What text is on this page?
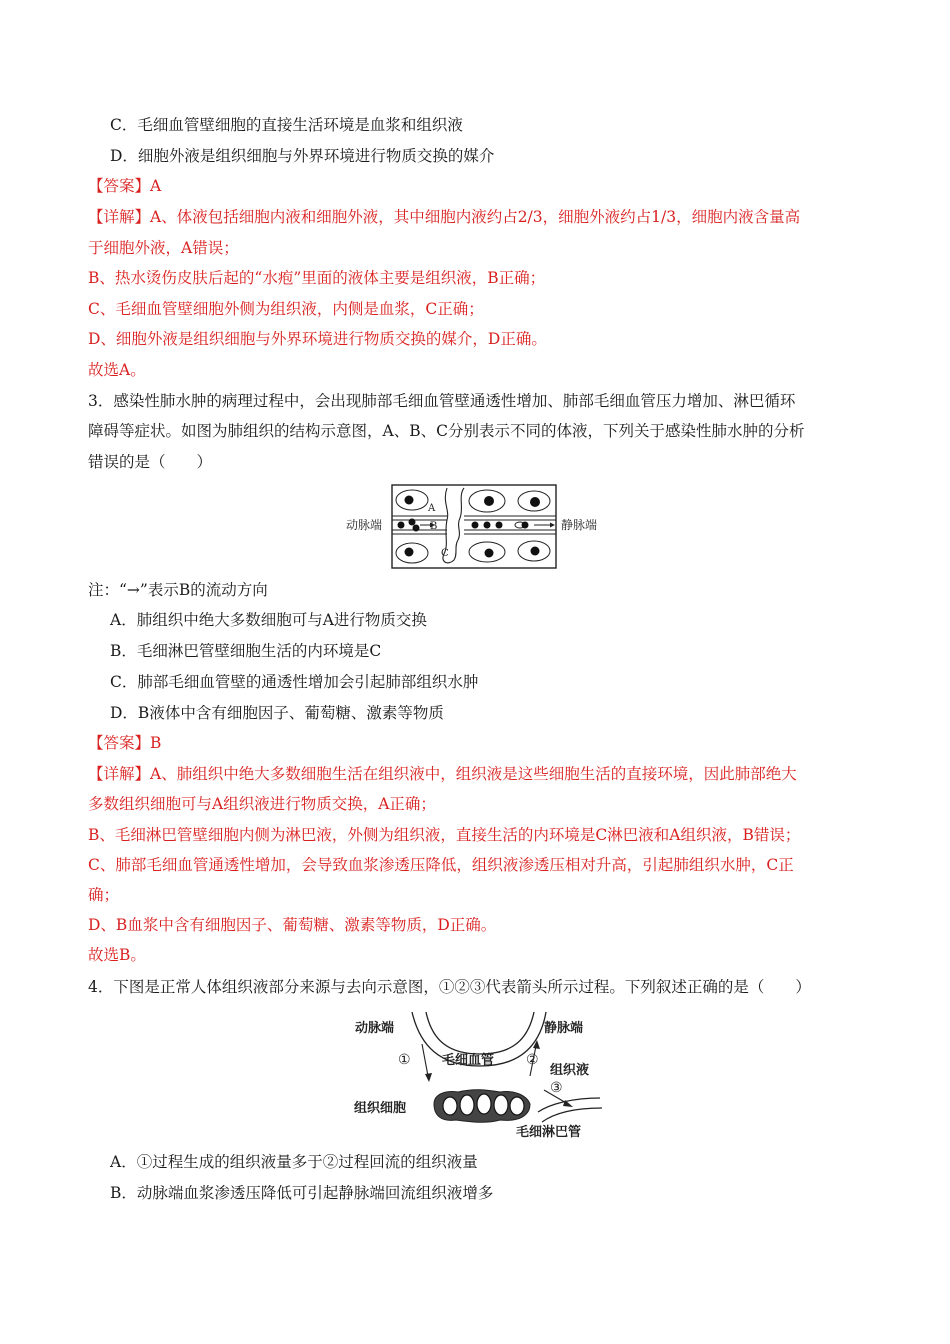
C．毛细血管壁细胞的直接生活环境是血浆和组织液
D．细胞外液是组织细胞与外界环境进行物质交换的媒介
【答案】A
【详解】A、体液包括细胞内液和细胞外液，其中细胞内液约占2/3，细胞外液约占1/3，细胞内液含量高
于细胞外液，A错误；
B、热水烫伤皮肤后起的“水疱”里面的液体主要是组织液，B正确；
C、毛细血管壁细胞外侧为组织液，内侧是血浆，C正确；
D、细胞外液是组织细胞与外界环境进行物质交换的媒介，D正确。
故选A。
3．感染性肺水肿的病理过程中，会出现肺部毛细血管壁通透性增加、肺部毛细血管压力增加、淋巴循环
障碍等症状。如图为肺组织的结构示意图，A、B、C分别表示不同的体液，下列关于感染性肺水肿的分析
错误的是（　　）
动脉端	静脉端
A
B
C
注：“→”表示B的流动方向
A．肺组织中绝大多数细胞可与A进行物质交换
B．毛细淋巴管壁细胞生活的内环境是C
C．肺部毛细血管壁的通透性增加会引起肺部组织水肿
D．B液体中含有细胞因子、葡萄糖、激素等物质
【答案】B
【详解】A、肺组织中绝大多数细胞生活在组织液中，组织液是这些细胞生活的直接环境，因此肺部绝大
多数组织细胞可与A组织液进行物质交换，A正确；
B、毛细淋巴管壁细胞内侧为淋巴液，外侧为组织液，直接生活的内环境是C淋巴液和A组织液，B错误；
C、肺部毛细血管通透性增加，会导致血浆渗透压降低，组织液渗透压相对升高，引起肺组织水肿，C正
确；
D、B血浆中含有细胞因子、葡萄糖、激素等物质，D正确。
故选B。
4．下图是正常人体组织液部分来源与去向示意图，①②③代表箭头所示过程。下列叙述正确的是（　　）
动脉端	静脉端
毛细血管
①	②
组织液
③
组织细胞
毛细淋巴管
A．①过程生成的组织液量多于②过程回流的组织液量
B．动脉端血浆渗透压降低可引起静脉端回流组织液增多
